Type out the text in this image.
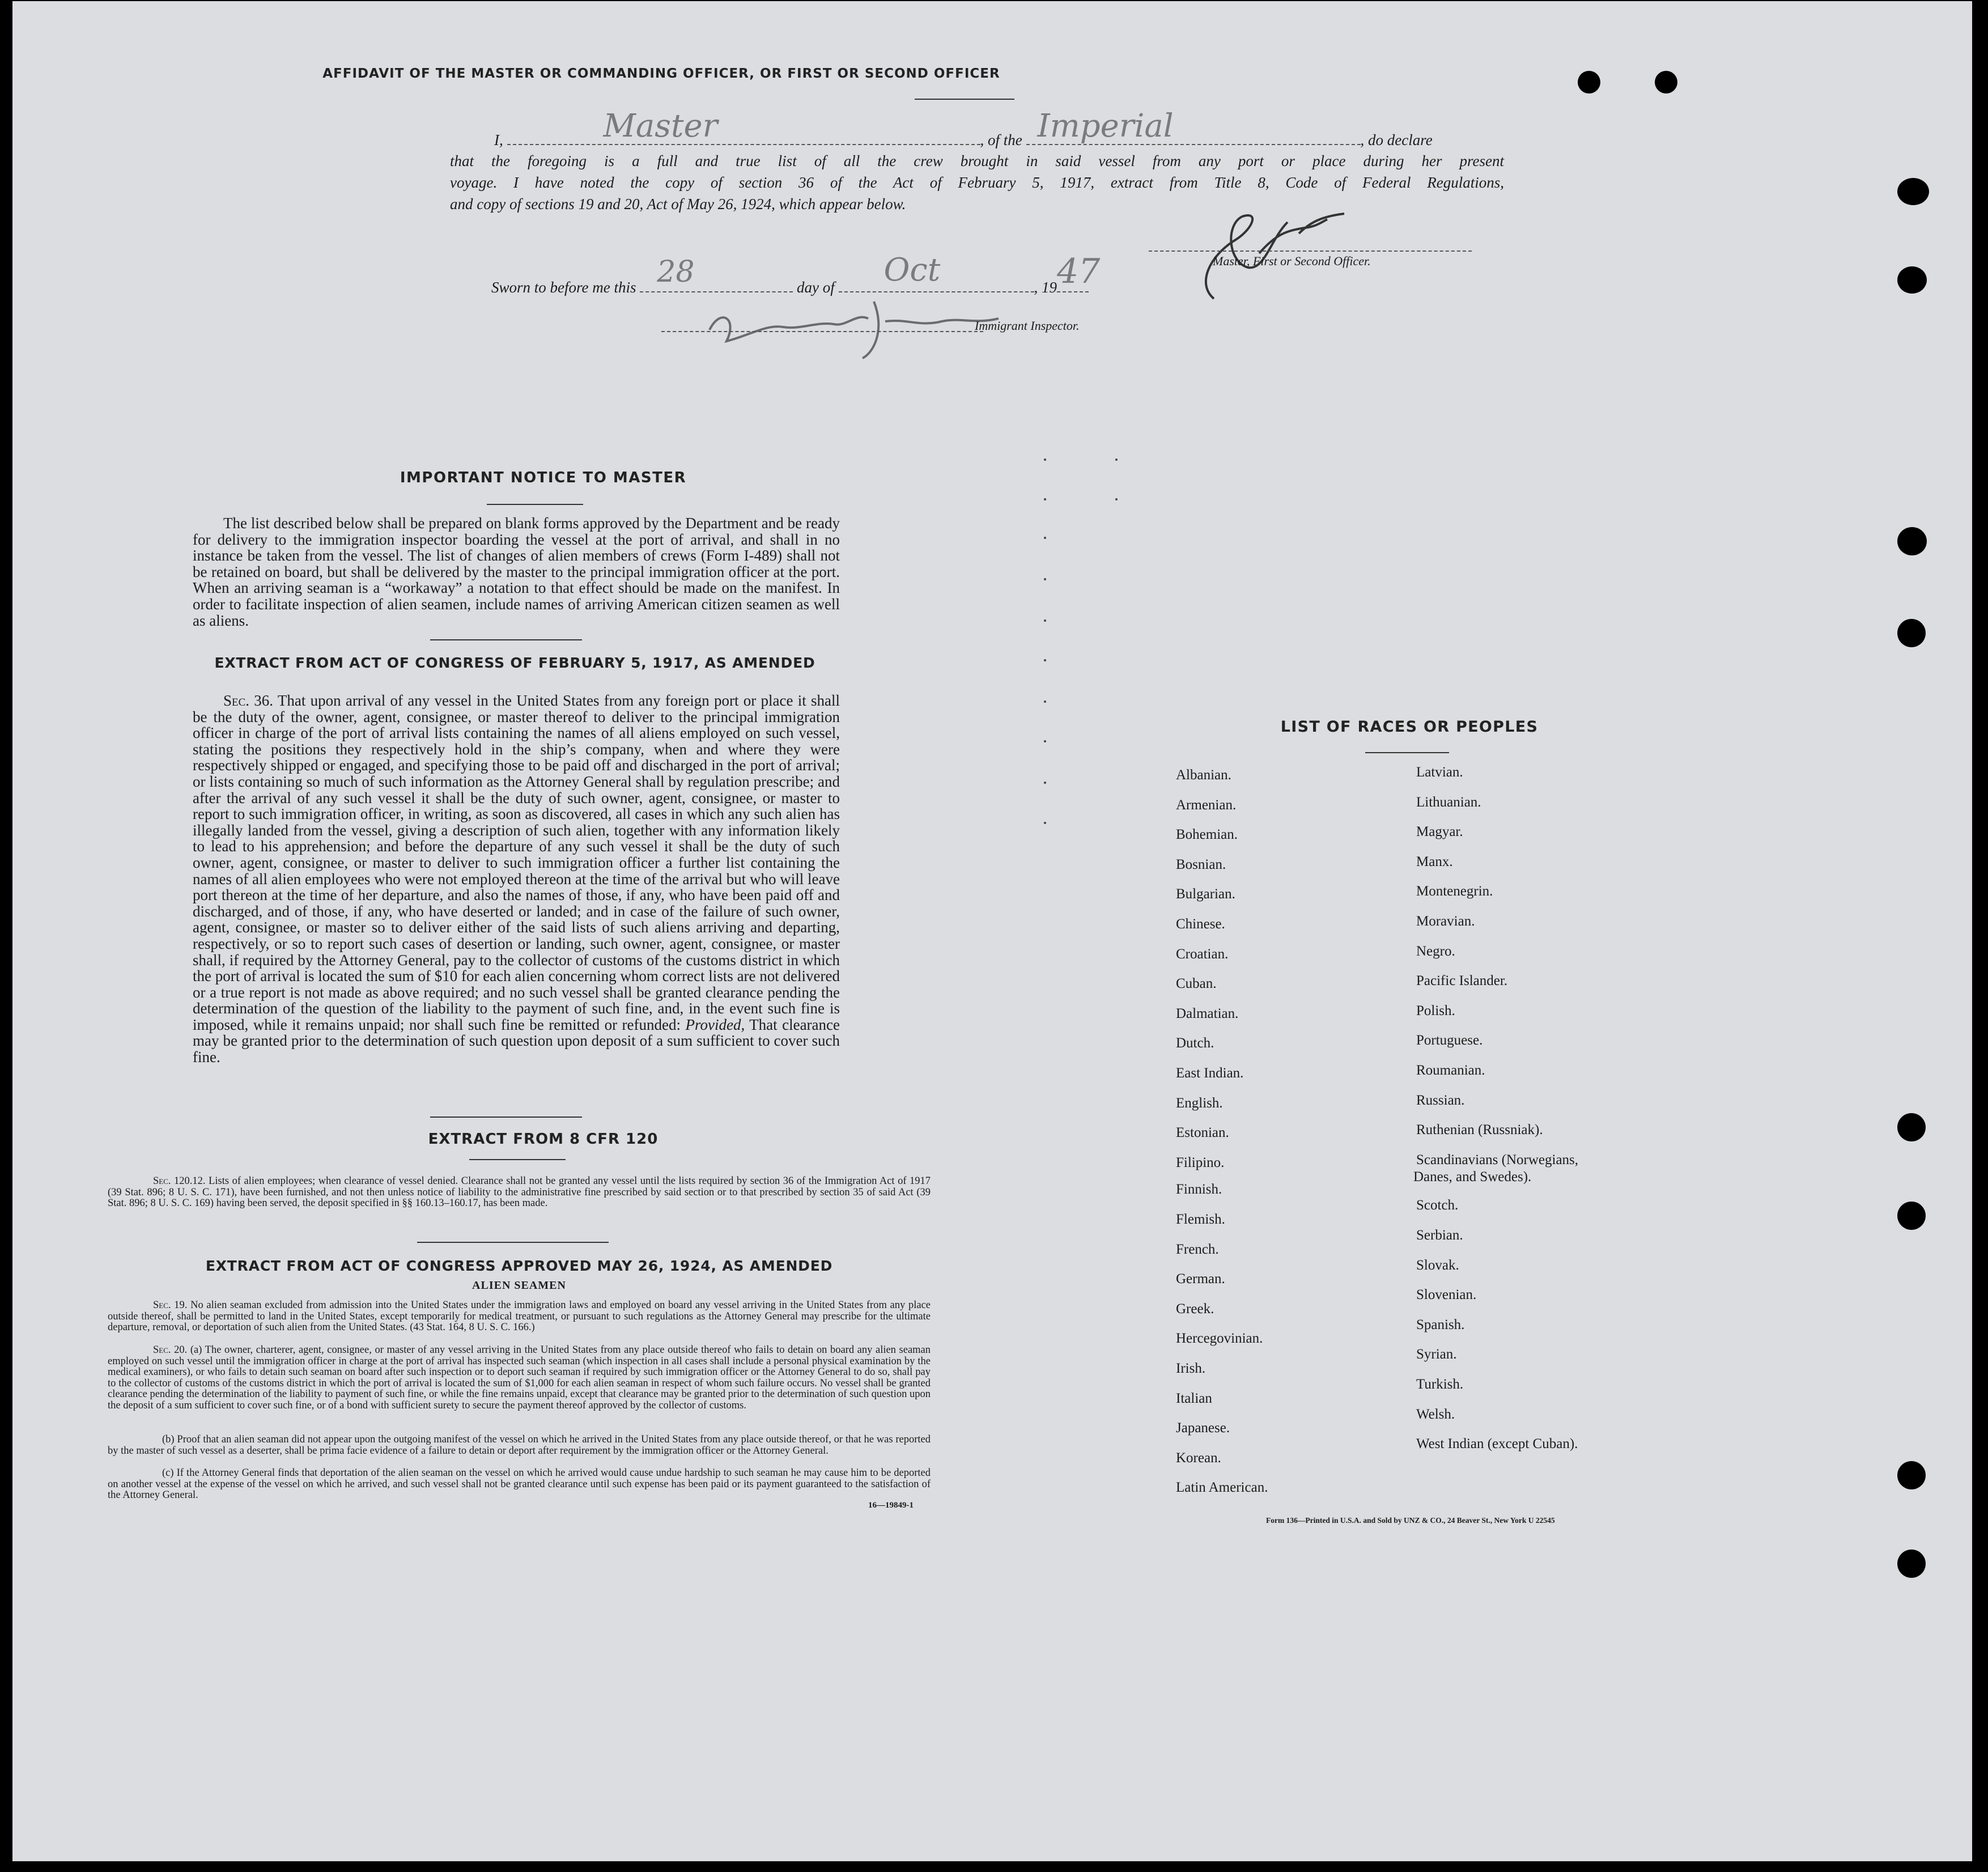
AFFIDAVIT OF THE MASTER OR COMMANDING OFFICER, OR FIRST OR SECOND OFFICER
I,	Master	, of the Imperial	, do declare
that the foregoing is a full and true list of all the crew brought in said vessel from any port or place during her present
voyage. I have noted the copy of section 36 of the Act of February 5, 1917, extract from Title 8, Code of Federal Regulations,
and copy of sections 19 and 20, Act of May 26, 1924, which appear below.
Master, First or Second Officer.
Sworn to before me this 28	day of Oct	, 19 47
Immigrant Inspector.
IMPORTANT NOTICE TO MASTER
The list described below shall be prepared on blank forms approved by the Department and be ready for delivery to the immigration inspector boarding the vessel at the port of arrival, and shall in no instance be taken from the vessel. The list of changes of alien members of crews (Form I-489) shall not be retained on board, but shall be delivered by the master to the principal immigration officer at the port. When an arriving seaman is a “workaway” a notation to that effect should be made on the manifest. In order to facilitate inspection of alien seamen, include names of arriving American citizen seamen as well as aliens.
EXTRACT FROM ACT OF CONGRESS OF FEBRUARY 5, 1917, AS AMENDED
Sec. 36. That upon arrival of any vessel in the United States from any foreign port or place it shall be the duty of the owner, agent, consignee, or master thereof to deliver to the principal immigration officer in charge of the port of arrival lists containing the names of all aliens employed on such vessel, stating the positions they respectively hold in the ship’s company, when and where they were respectively shipped or engaged, and specifying those to be paid off and discharged in the port of arrival; or lists containing so much of such information as the Attorney General shall by regulation prescribe; and after the arrival of any such vessel it shall be the duty of such owner, agent, consignee, or master to report to such immigration officer, in writing, as soon as discovered, all cases in which any such alien has illegally landed from the vessel, giving a description of such alien, together with any information likely to lead to his apprehension; and before the departure of any such vessel it shall be the duty of such owner, agent, consignee, or master to deliver to such immigration officer a further list containing the names of all alien employees who were not employed thereon at the time of the arrival but who will leave port thereon at the time of her departure, and also the names of those, if any, who have been paid off and discharged, and of those, if any, who have deserted or landed; and in case of the failure of such owner, agent, consignee, or master so to deliver either of the said lists of such aliens arriving and departing, respectively, or so to report such cases of desertion or landing, such owner, agent, consignee, or master shall, if required by the Attorney General, pay to the collector of customs of the customs district in which the port of arrival is located the sum of $10 for each alien concerning whom correct lists are not delivered or a true report is not made as above required; and no such vessel shall be granted clearance pending the determination of the question of the liability to the payment of such fine, and, in the event such fine is imposed, while it remains unpaid; nor shall such fine be remitted or refunded: Provided, That clearance may be granted prior to the determination of such question upon deposit of a sum sufficient to cover such fine.
EXTRACT FROM 8 CFR 120
Sec. 120.12. Lists of alien employees; when clearance of vessel denied. Clearance shall not be granted any vessel until the lists required by section 36 of the Immigration Act of 1917 (39 Stat. 896; 8 U. S. C. 171), have been furnished, and not then unless notice of liability to the administrative fine prescribed by said section or to that prescribed by section 35 of said Act (39 Stat. 896; 8 U. S. C. 169) having been served, the deposit specified in §§ 160.13–160.17, has been made.
EXTRACT FROM ACT OF CONGRESS APPROVED MAY 26, 1924, AS AMENDED
ALIEN SEAMEN
Sec. 19. No alien seaman excluded from admission into the United States under the immigration laws and employed on board any vessel arriving in the United States from any place outside thereof, shall be permitted to land in the United States, except temporarily for medical treatment, or pursuant to such regulations as the Attorney General may prescribe for the ultimate departure, removal, or deportation of such alien from the United States. (43 Stat. 164, 8 U. S. C. 166.)
Sec. 20. (a) The owner, charterer, agent, consignee, or master of any vessel arriving in the United States from any place outside thereof who fails to detain on board any alien seaman employed on such vessel until the immigration officer in charge at the port of arrival has inspected such seaman (which inspection in all cases shall include a personal physical examination by the medical examiners), or who fails to detain such seaman on board after such inspection or to deport such seaman if required by such immigration officer or the Attorney General to do so, shall pay to the collector of customs of the customs district in which the port of arrival is located the sum of $1,000 for each alien seaman in respect of whom such failure occurs. No vessel shall be granted clearance pending the determination of the liability to payment of such fine, or while the fine remains unpaid, except that clearance may be granted prior to the determination of such question upon the deposit of a sum sufficient to cover such fine, or of a bond with sufficient surety to secure the payment thereof approved by the collector of customs.
(b) Proof that an alien seaman did not appear upon the outgoing manifest of the vessel on which he arrived in the United States from any place outside thereof, or that he was reported by the master of such vessel as a deserter, shall be prima facie evidence of a failure to detain or deport after requirement by the immigration officer or the Attorney General.
(c) If the Attorney General finds that deportation of the alien seaman on the vessel on which he arrived would cause undue hardship to such seaman he may cause him to be deported on another vessel at the expense of the vessel on which he arrived, and such vessel shall not be granted clearance until such expense has been paid or its payment guaranteed to the satisfaction of the Attorney General.
16—19849-1
LIST OF RACES OR PEOPLES
Albanian.
Armenian.
Bohemian.
Bosnian.
Bulgarian.
Chinese.
Croatian.
Cuban.
Dalmatian.
Dutch.
East Indian.
English.
Estonian.
Filipino.
Finnish.
Flemish.
French.
German.
Greek.
Hercegovinian.
Irish.
Italian
Japanese.
Korean.
Latin American.
Latvian.
Lithuanian.
Magyar.
Manx.
Montenegrin.
Moravian.
Negro.
Pacific Islander.
Polish.
Portuguese.
Roumanian.
Russian.
Ruthenian (Russniak).
Scandinavians (Norwegians,
Danes, and Swedes).
Scotch.
Serbian.
Slovak.
Slovenian.
Spanish.
Syrian.
Turkish.
Welsh.
West Indian (except Cuban).
Form 136—Printed in U.S.A. and Sold by UNZ & CO., 24 Beaver St., New York U 22545
